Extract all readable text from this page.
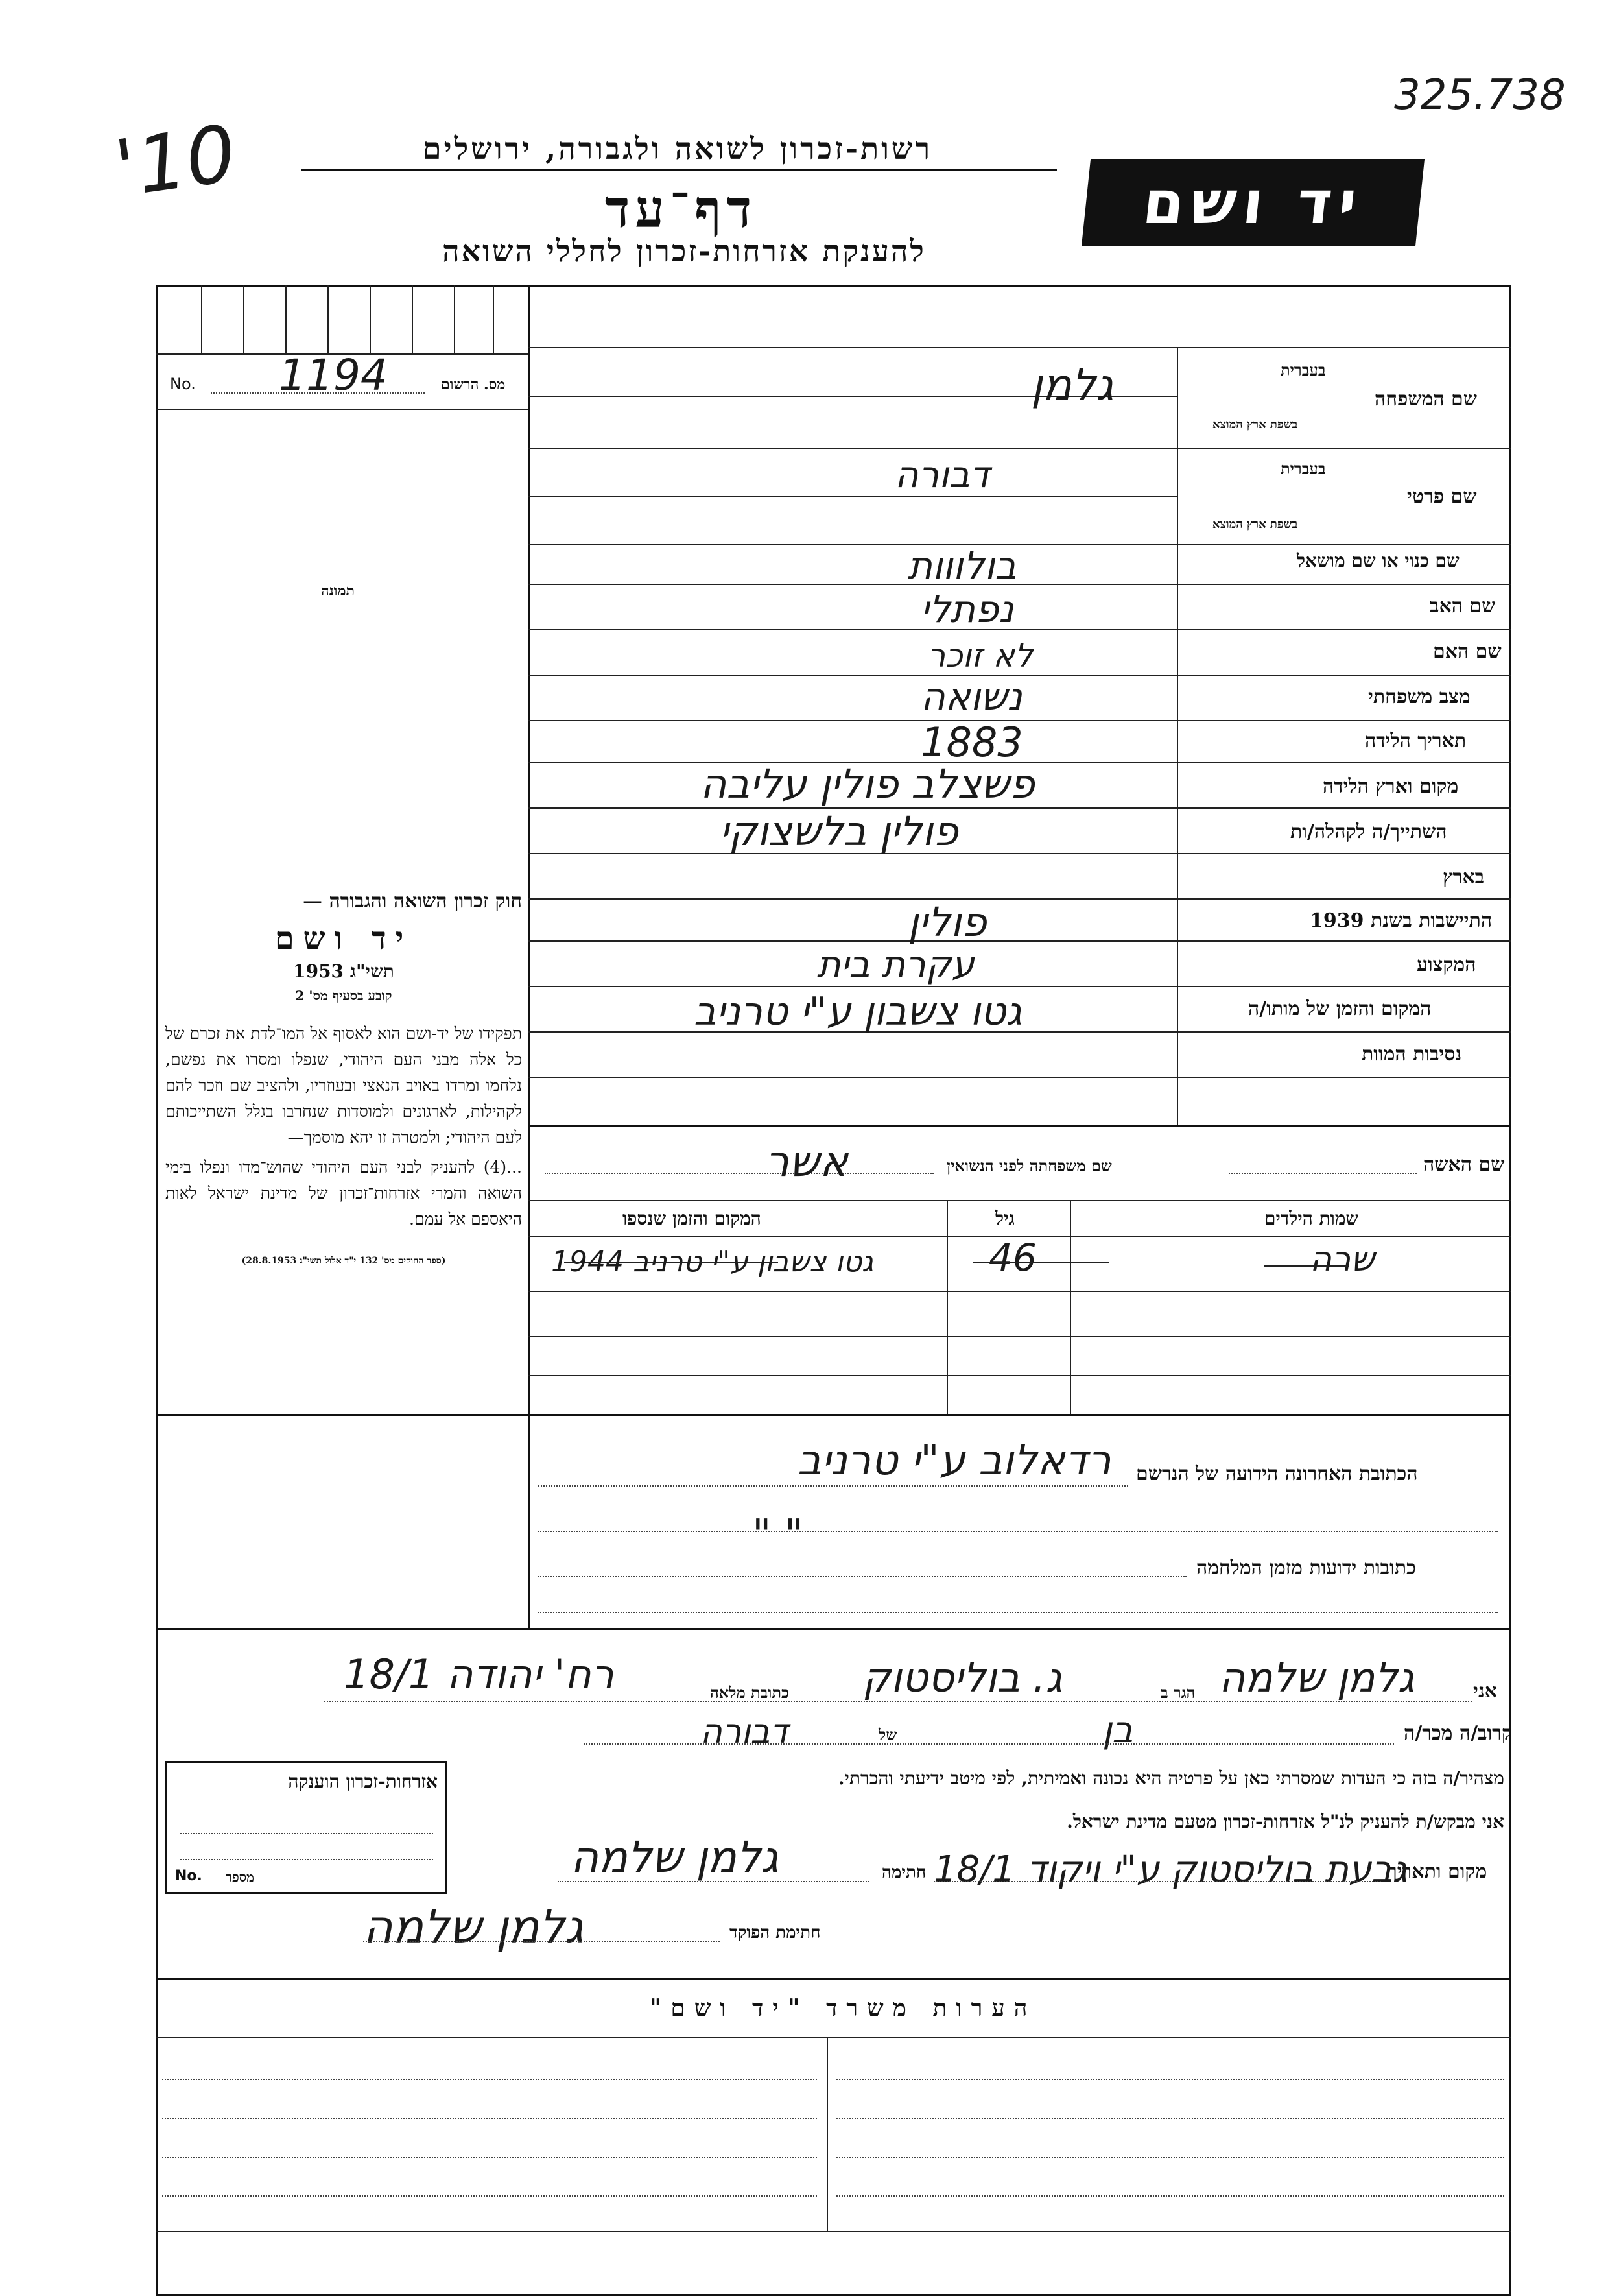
'10
325.738
רשות-זכרון לשואה ולגבורה, ירושלים
דף־עד
להענקת אזרחות-זכרון לחללי השואה
יד ושם
No. 1194	מס. הרשום
תמונה
שם המשפחה
בעברית
בשפת ארץ המוצא
גלמן
שם פרטי
בעברית
בשפת ארץ המוצא
דבורה
שם כנוי או שם מושאל
בולווות
שם האב
נפתלי
שם האם
לא זוכר
מצב משפחתי
נשואה
תאריך הלידה
1883
מקום וארץ הלידה
פשצלב פולין עליבה
השתייך/ה לקהלה/ות
פולין בלשצוקי
בארץ
התיישבות בשנת 1939
פולין
המקצוע
עקרת בית
המקום והזמן של מותו/ה
גטו צשבון ע"י טרניב
נסיבות המוות
שם האשה
שם משפחתה לפני הנשואין
אשר
שמות הילדים
גיל
המקום והזמן שנספו
שרה
46
1944 גטו צשבון ע"י טרניב
חוק זכרון השואה והגבורה —
יד ושם
תשי"ג 1953
קובע בסעיף מס' 2
תפקידו של יד-ושם הוא לאסוף אל המו־לדת את זכרם של כל אלה מבני העם היהודי, שנפלו ומסרו את נפשם, נלחמו ומרדו באויב הנאצי ובעוזריו, ולהציב שם וזכר להם לקהילות, לארגונים ולמוסדות שנחרבו בגלל השתייכותם לעם היהודי; ולמטרה זו יהא מוסמך—
...(4) להעניק לבני העם היהודי שהוש־מדו ונפלו בימי השואה והמרי אזרחות־זכרון של מדינת ישראל לאות היאספם אל עמם.
(ספר החוקים מס' 132 י"ד אלול תשי"ג 28.8.1953)
הכתובת האחרונה הידועה של הנרשם
רדאלוב ע"י טרניב
" "
כתובות ידועות מזמן המלחמה
אני
גלמן שלמה
הגר ב
ג. בוליסטוק
כתובת מלאה
רח' יהודה 18/1
קרוב/ה מכר/ה
בן
של
דבורה
מצהיר/ה בזה כי העדות שמסרתי כאן על פרטיה היא נכונה ואמיתית, לפי מיטב ידיעתי והכרתי.
אני מבקש/ת להעניק לנ"ל אזרחות-זכרון מטעם מדינת ישראל.
מקום ותאריך
גבעת בוליסטוק ע"י ויקוד 18/1
חתימה
גלמן שלמה
חתימת הפוקד
גלמן שלמה
אזרחות-זכרון הוענקה
No. מספר
הערות משרד "יד ושם"
